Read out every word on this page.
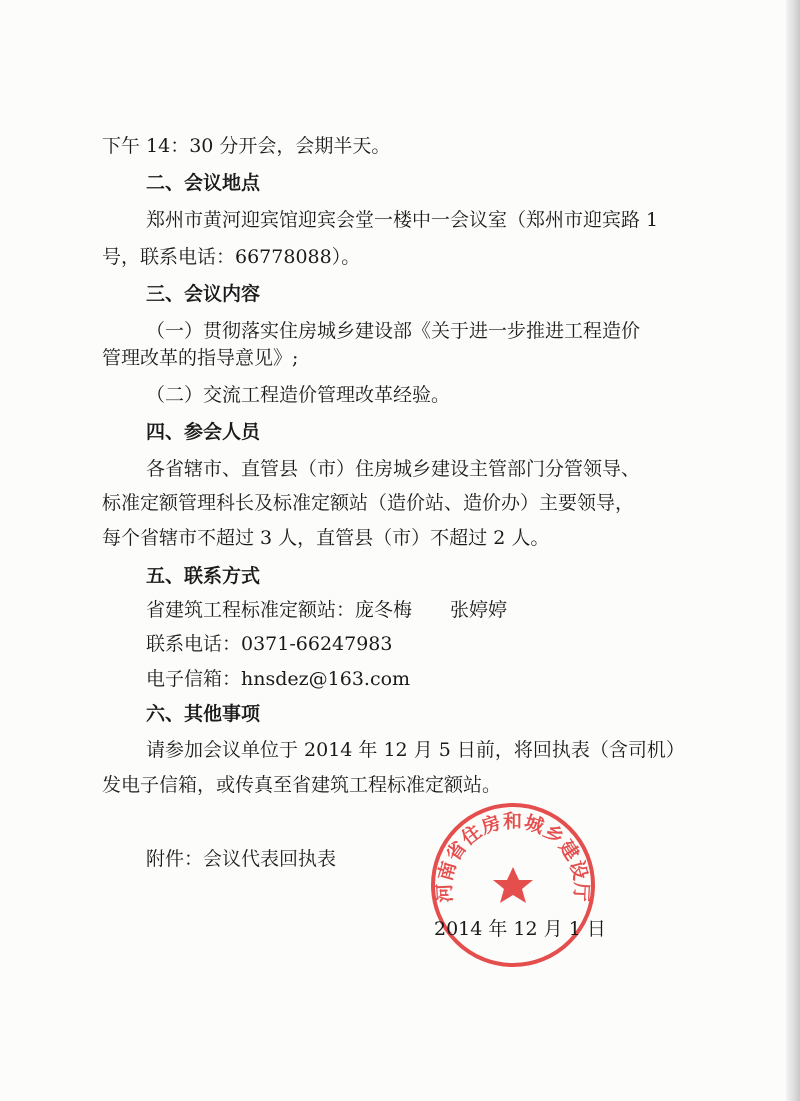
下午 14：30 分开会，会期半天。
二、会议地点
郑州市黄河迎宾馆迎宾会堂一楼中一会议室（郑州市迎宾路 1
号，联系电话：66778088）。
三、会议内容
（一）贯彻落实住房城乡建设部《关于进一步推进工程造价
管理改革的指导意见》;
（二）交流工程造价管理改革经验。
四、参会人员
各省辖市、直管县（市）住房城乡建设主管部门分管领导、
标准定额管理科长及标准定额站（造价站、造价办）主要领导，
每个省辖市不超过 3 人，直管县（市）不超过 2 人。
五、联系方式
省建筑工程标准定额站：庞冬梅　　张婷婷
联系电话：0371-66247983
电子信箱：hnsdez@163.com
六、其他事项
请参加会议单位于 2014 年 12 月 5 日前，将回执表（含司机）
发电子信箱，或传真至省建筑工程标准定额站。
附件：会议代表回执表
河南省住房和城乡建设厅
2014 年 12 月 1 日
